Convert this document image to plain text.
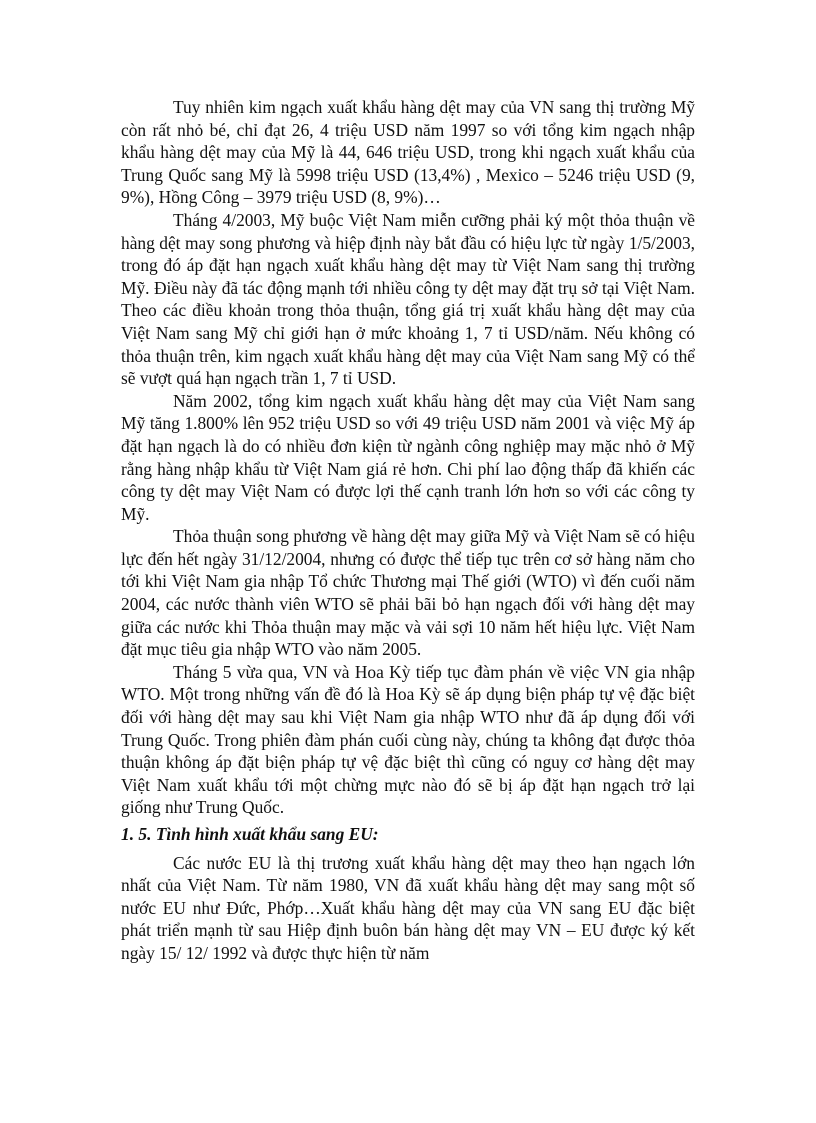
Tuy nhiên kim ngạch xuất khẩu hàng dệt may của VN sang thị trường Mỹ còn rất nhỏ bé, chỉ đạt 26, 4 triệu USD năm 1997 so với tổng kim ngạch nhập khẩu hàng dệt may của Mỹ là 44, 646 triệu USD, trong khi ngạch xuất khẩu của Trung Quốc sang Mỹ là 5998 triệu USD (13,4%) , Mexico – 5246 triệu USD (9, 9%), Hồng Công – 3979 triệu USD (8, 9%)…

Tháng 4/2003, Mỹ buộc Việt Nam miễn cưỡng phải ký một thỏa thuận về hàng dệt may song phương và hiệp định này bắt đầu có hiệu lực từ ngày 1/5/2003, trong đó áp đặt hạn ngạch xuất khẩu hàng dệt may từ Việt Nam sang thị trường Mỹ. Điều này đã tác động mạnh tới nhiều công ty dệt may đặt trụ sở tại Việt Nam. Theo các điều khoản trong thỏa thuận, tổng giá trị xuất khẩu hàng dệt may của Việt Nam sang Mỹ chỉ giới hạn ở mức khoảng 1, 7 tỉ USD/năm. Nếu không có thỏa thuận trên, kim ngạch xuất khẩu hàng dệt may của Việt Nam sang Mỹ có thể sẽ vượt quá hạn ngạch trần 1, 7 tỉ USD.

Năm 2002, tổng kim ngạch xuất khẩu hàng dệt may của Việt Nam sang Mỹ tăng 1.800% lên 952 triệu USD so với 49 triệu USD năm 2001 và việc Mỹ áp đặt hạn ngạch là do có nhiều đơn kiện từ ngành công nghiệp may mặc nhỏ ở Mỹ rằng hàng nhập khẩu từ Việt Nam giá rẻ hơn. Chi phí lao động thấp đã khiến các công ty dệt may Việt Nam có được lợi thế cạnh tranh lớn hơn so với các công ty Mỹ.

Thỏa thuận song phương về hàng dệt may giữa Mỹ và Việt Nam sẽ có hiệu lực đến hết ngày 31/12/2004, nhưng có được thể tiếp tục trên cơ sở hàng năm cho tới khi Việt Nam gia nhập Tổ chức Thương mại Thế giới (WTO) vì đến cuối năm 2004, các nước thành viên WTO sẽ phải bãi bỏ hạn ngạch đối với hàng dệt may giữa các nước khi Thỏa thuận may mặc và vải sợi 10 năm hết hiệu lực. Việt Nam đặt mục tiêu gia nhập WTO vào năm 2005.

Tháng 5 vừa qua, VN và Hoa Kỳ tiếp tục đàm phán về việc VN gia nhập WTO. Một trong những vấn đề đó là Hoa Kỳ sẽ áp dụng biện pháp tự vệ đặc biệt đối với hàng dệt may sau khi Việt Nam gia nhập WTO như đã áp dụng đối với Trung Quốc. Trong phiên đàm phán cuối cùng này, chúng ta không đạt được thỏa thuận không áp đặt biện pháp tự vệ đặc biệt thì cũng có nguy cơ hàng dệt may Việt Nam xuất khẩu tới một chừng mực nào đó sẽ bị áp đặt hạn ngạch trở lại giống như Trung Quốc.

1. 5. Tình hình xuất khẩu sang EU:

Các nước EU là thị trương xuất khẩu hàng dệt may theo hạn ngạch lớn nhất của Việt Nam. Từ năm 1980, VN đã xuất khẩu hàng dệt may sang một số nước EU như Đức, Phớp…Xuất khẩu hàng dệt may của VN sang EU đặc biệt phát triển mạnh từ sau Hiệp định buôn bán hàng dệt may VN – EU được ký kết ngày 15/ 12/ 1992 và được thực hiện từ năm
